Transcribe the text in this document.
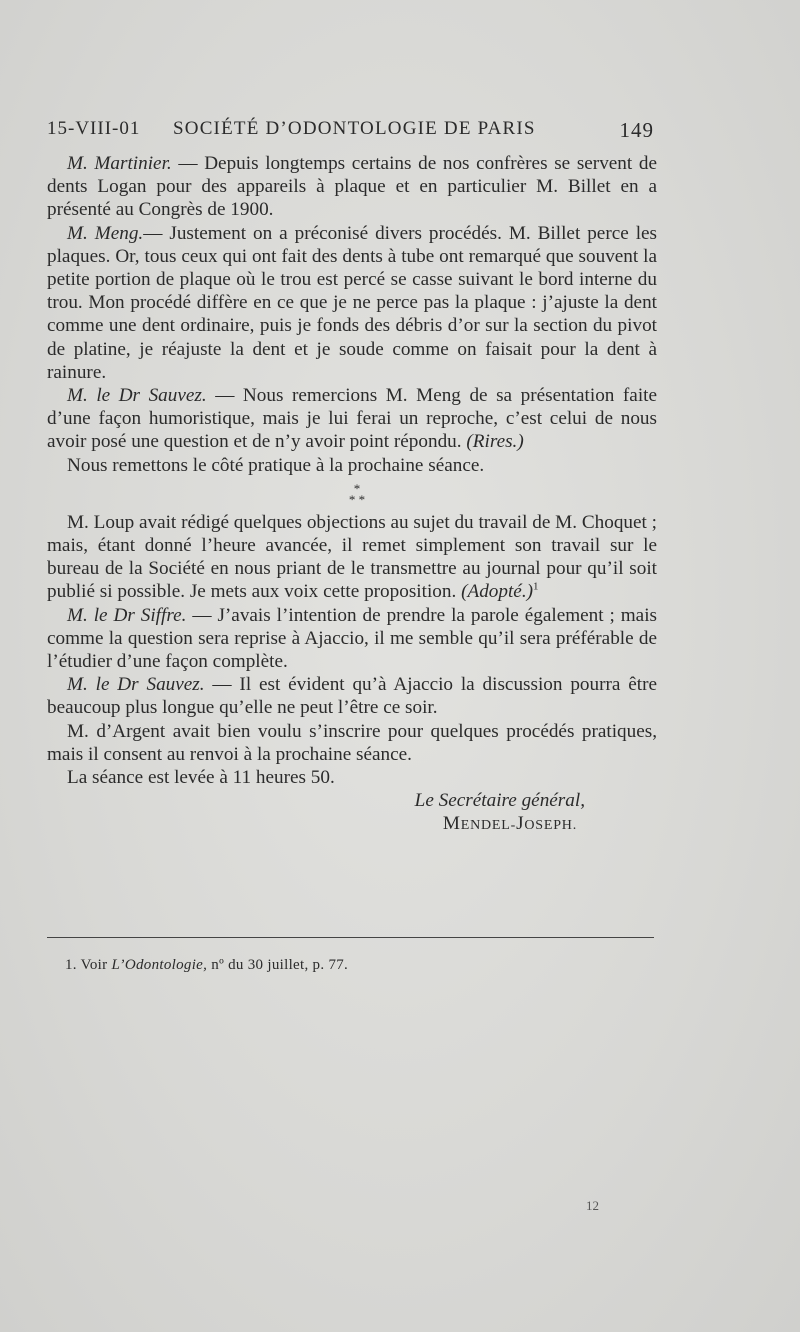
15-VIII-01 SOCIÉTÉ D’ODONTOLOGIE DE PARIS	149

M. Martinier. — Depuis longtemps certains de nos confrères se servent de dents Logan pour des appareils à plaque et en particulier M. Billet en a présenté au Congrès de 1900.

M. Meng.— Justement on a préconisé divers procédés. M. Billet perce les plaques. Or, tous ceux qui ont fait des dents à tube ont remarqué que souvent la petite portion de plaque où le trou est percé se casse suivant le bord interne du trou. Mon procédé diffère en ce que je ne perce pas la plaque : j’ajuste la dent comme une dent ordinaire, puis je fonds des débris d’or sur la section du pivot de platine, je réajuste la dent et je soude comme on faisait pour la dent à rainure.

M. le Dr Sauvez. — Nous remercions M. Meng de sa présentation faite d’une façon humoristique, mais je lui ferai un reproche, c’est celui de nous avoir posé une question et de n’y avoir point répondu. (Rires.)

Nous remettons le côté pratique à la prochaine séance.

*
* *

M. Loup avait rédigé quelques objections au sujet du travail de M. Choquet ; mais, étant donné l’heure avancée, il remet simplement son travail sur le bureau de la Société en nous priant de le transmettre au journal pour qu’il soit publié si possible. Je mets aux voix cette proposition. (Adopté.)$^1$

M. le Dr Siffre. — J’avais l’intention de prendre la parole également ; mais comme la question sera reprise à Ajaccio, il me semble qu’il sera préférable de l’étudier d’une façon complète.

M. le Dr Sauvez. — Il est évident qu’à Ajaccio la discussion pourra être beaucoup plus longue qu’elle ne peut l’être ce soir.

M. d’Argent avait bien voulu s’inscrire pour quelques procédés pratiques, mais il consent au renvoi à la prochaine séance.

La séance est levée à 11 heures 50.

Le Secrétaire général,

MENDEL-JOSEPH.

1. Voir L’Odontologie, nº du 30 juillet, p. 77.
12
